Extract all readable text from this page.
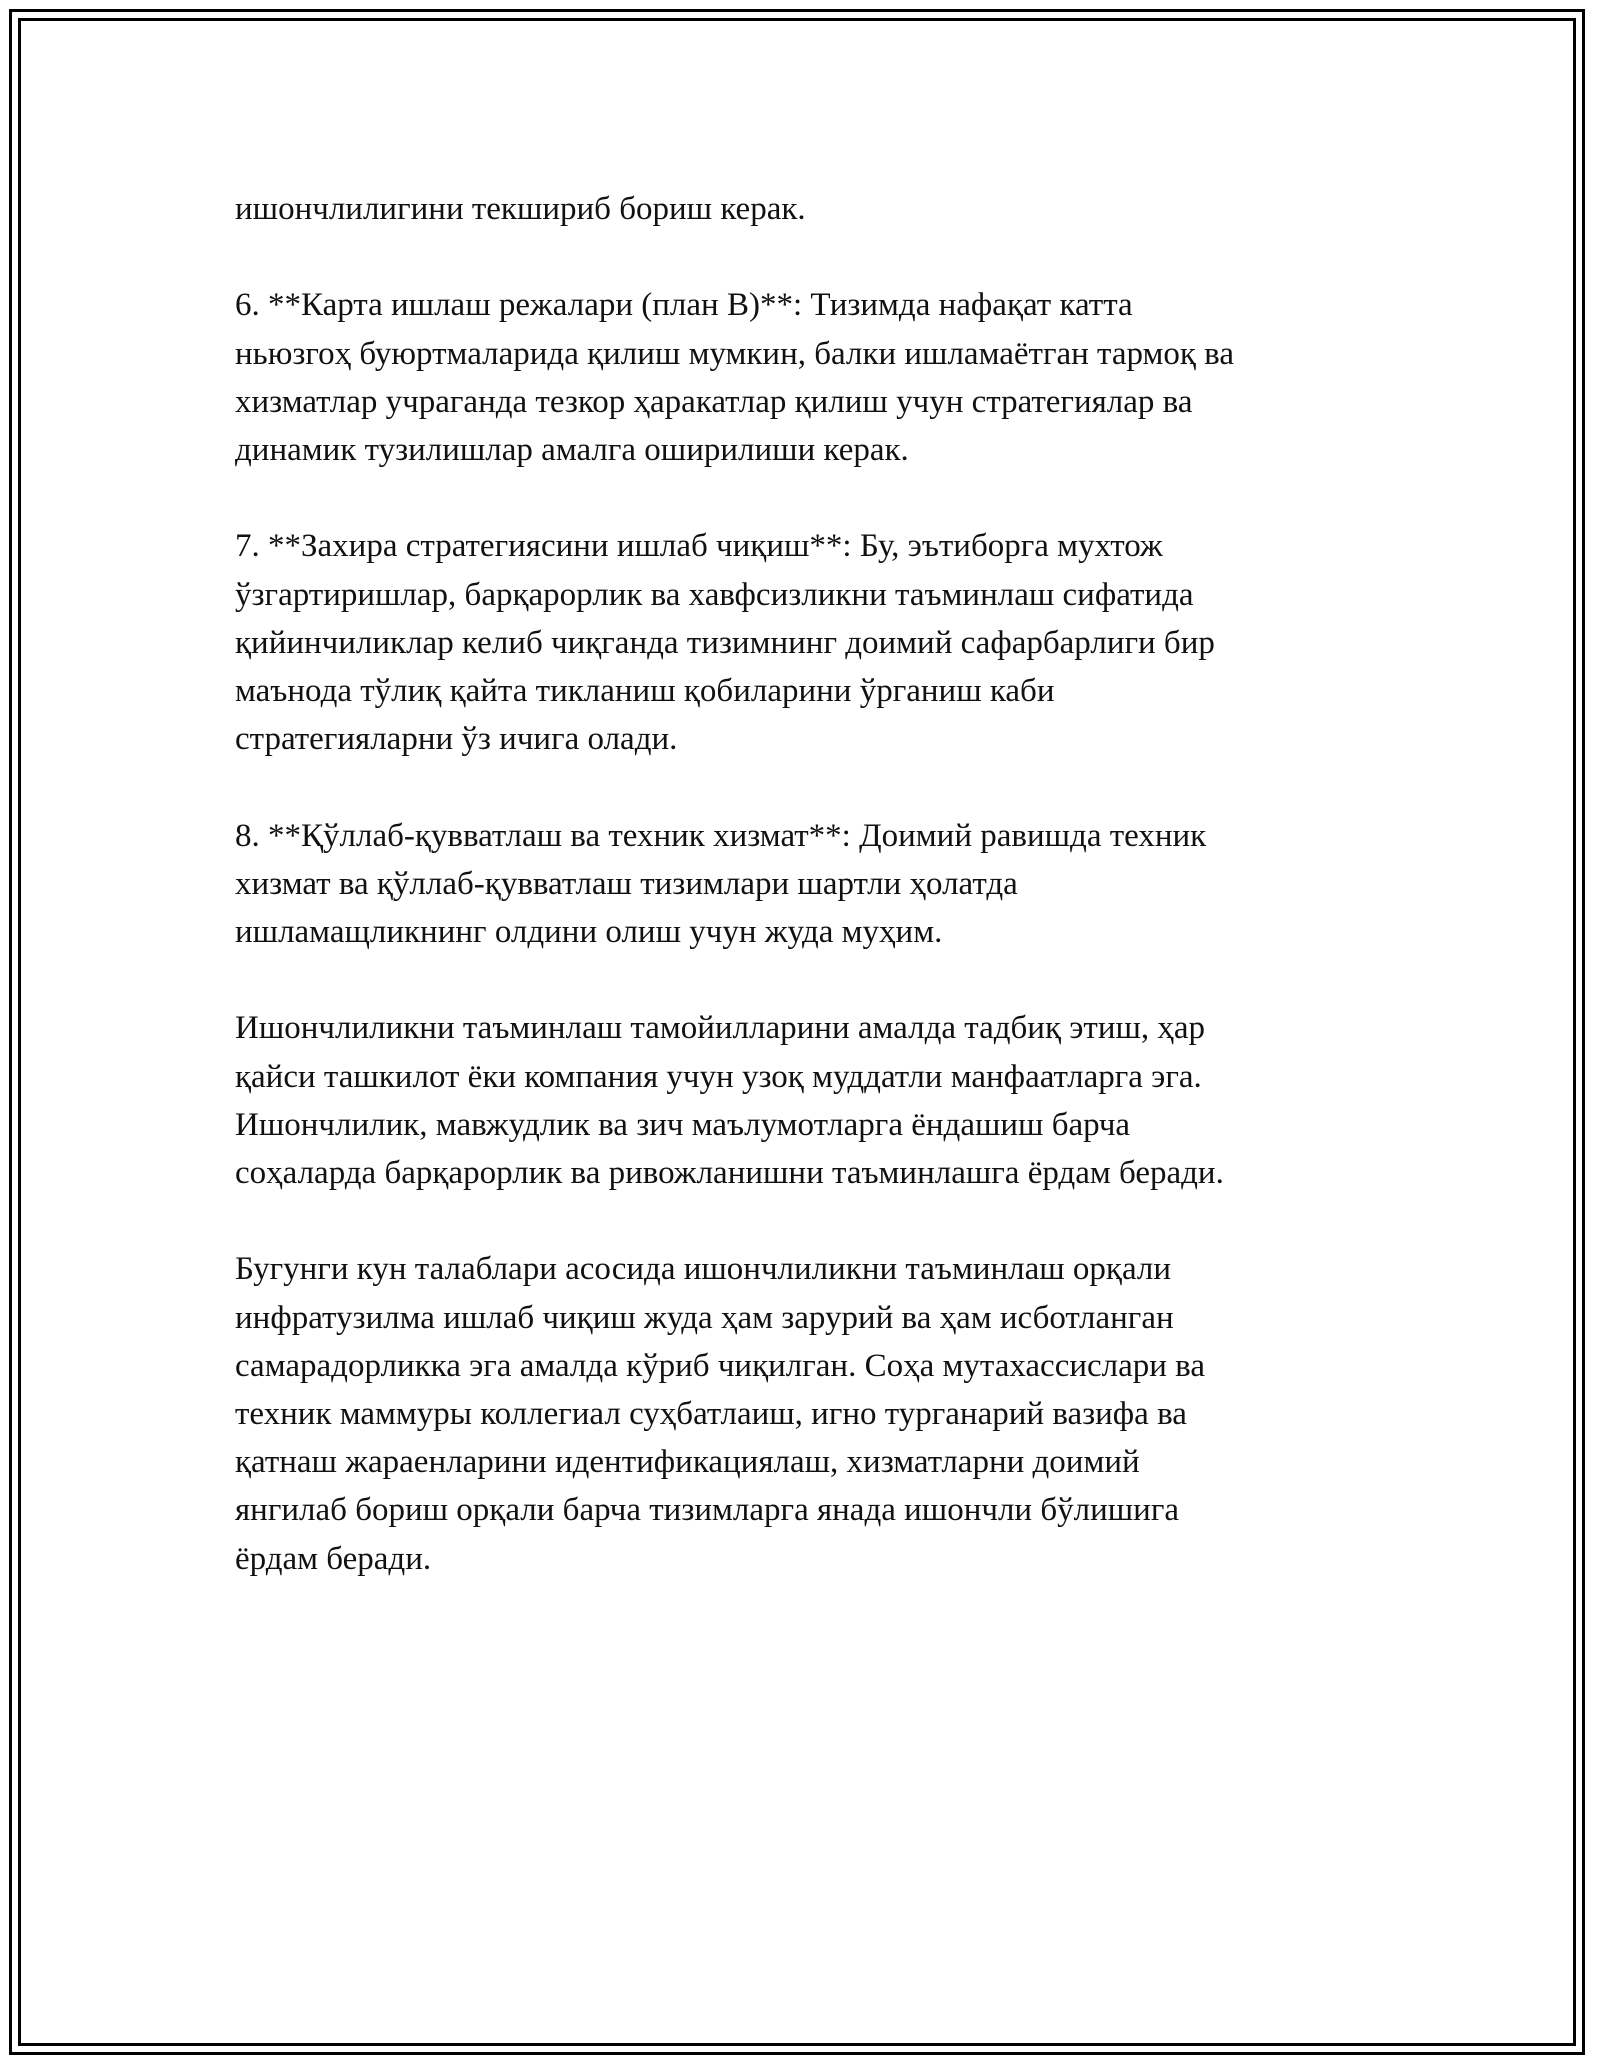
ишончлилигини текшириб бориш керак.
6. **Карта ишлаш режалари (план B)**: Тизимда нафақат катта
ньюзгоҳ буюртмаларида қилиш мумкин, балки ишламаётган тармоқ ва
хизматлар учраганда тезкор ҳаракатлар қилиш учун стратегиялар ва
динамик тузилишлар амалга оширилиши керак.
7. **Захира стратегиясини ишлаб чиқиш**: Бу, эътиборга мухтож
ўзгартиришлар, барқарорлик ва хавфсизликни таъминлаш сифатида
қийинчиликлар келиб чиқганда тизимнинг доимий сафарбарлиги бир
маънода тўлиқ қайта тикланиш қобиларини ўрганиш каби
стратегияларни ўз ичига олади.
8. **Қўллаб-қувватлаш ва техник хизмат**: Доимий равишда техник
хизмат ва қўллаб-қувватлаш тизимлари шартли ҳолатда
ишламащликнинг олдини олиш учун жуда муҳим.
Ишончлиликни таъминлаш тамойилларини амалда тадбиқ этиш, ҳар
қайси ташкилот ёки компания учун узоқ муддатли манфаатларга эга.
Ишончлилик, мавжудлик ва зич маълумотларга ёндашиш барча
соҳаларда барқарорлик ва ривожланишни таъминлашга ёрдам беради.
Бугунги кун талаблари асосида ишончлиликни таъминлаш орқали
инфратузилма ишлаб чиқиш жуда ҳам зарурий ва ҳам исботланган
самарадорликка эга амалда кўриб чиқилган. Соҳа мутахассислари ва
техник маммуры коллегиал суҳбатлаиш, игно турганарий вазифа ва
қатнаш жараенларини идентификациялаш, хизматларни доимий
янгилаб бориш орқали барча тизимларга янада ишончли бўлишига
ёрдам беради.
